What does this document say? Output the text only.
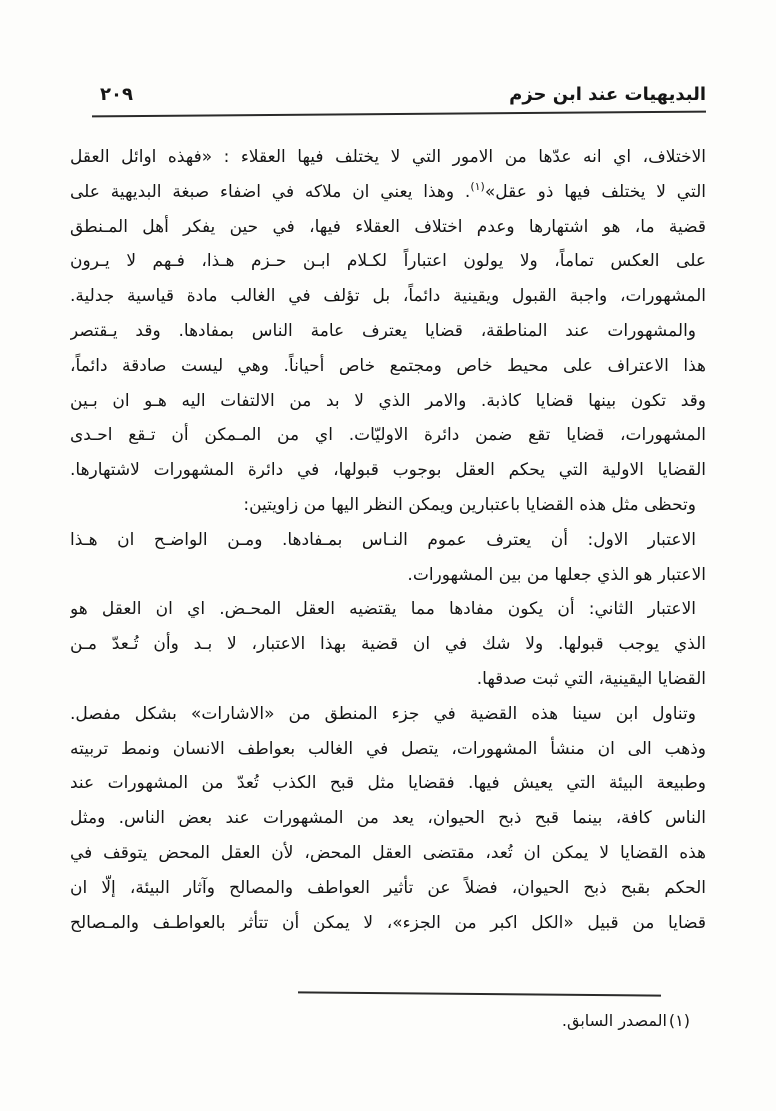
البديهيات عند ابن حزم
٢٠٩
الاختلاف، اي انه عدّها من الامور التي لا يختلف فيها العقلاء : «فهذه اوائل العقل
التي لا يختلف فيها ذو عقل»$^{(١)}$. وهذا يعني ان ملاكه في اضفاء صبغة البديهية على
قضية ما، هو اشتهارها وعدم اختلاف العقلاء فيها، في حين يفكر أهل المـنطق
على العكس تماماً، ولا يولون اعتباراً لكـلام ابـن حـزم هـذا، فـهم لا يـرون
المشهورات، واجبة القبول ويقينية دائماً، بل تؤلف في الغالب مادة قياسية جدلية.
والمشهورات عند المناطقة، قضايا يعترف عامة الناس بمفادها. وقد يـقتصر
هذا الاعتراف على محيط خاص ومجتمع خاص أحياناً. وهي ليست صادقة دائماً،
وقد تكون بينها قضايا كاذبة. والامر الذي لا بد من الالتفات اليه هـو ان بـين
المشهورات، قضايا تقع ضمن دائرة الاوليّات. اي من المـمكن أن تـقع احـدى
القضايا الاولية التي يحكم العقل بوجوب قبولها، في دائرة المشهورات لاشتهارها.
وتحظى مثل هذه القضايا باعتبارين ويمكن النظر اليها من زاويتين:
الاعتبار الاول: أن يعترف عموم النـاس بمـفادها. ومـن الواضـح ان هـذا
الاعتبار هو الذي جعلها من بين المشهورات.
الاعتبار الثاني: أن يكون مفادها مما يقتضيه العقل المحـض. اي ان العقل هو
الذي يوجب قبولها. ولا شك في ان قضية بهذا الاعتبار، لا بـد وأن تُـعدّ مـن
القضايا اليقينية، التي ثبت صدقها.
وتناول ابن سينا هذه القضية في جزء المنطق من «الاشارات» بشكل مفصل.
وذهب الى ان منشأ المشهورات، يتصل في الغالب بعواطف الانسان ونمط تربيته
وطبيعة البيئة التي يعيش فيها. فقضايا مثل قبح الكذب تُعدّ من المشهورات عند
الناس كافة، بينما قبح ذبح الحيوان، يعد من المشهورات عند بعض الناس. ومثل
هذه القضايا لا يمكن ان تُعد، مقتضى العقل المحض، لأن العقل المحض يتوقف في
الحكم بقبح ذبح الحيوان، فضلاً عن تأثير العواطف والمصالح وآثار البيئة، إلّا ان
قضايا من قبيل «الكل اكبر من الجزء»، لا يمكن أن تتأثر بالعواطـف والمـصالح
(١)المصدر السابق.
